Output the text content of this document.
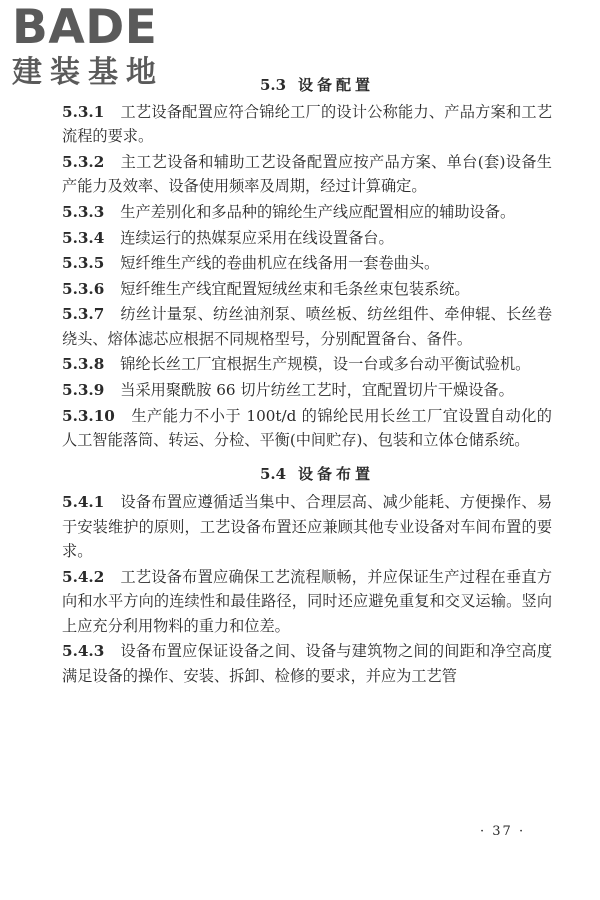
BADE
建装基地	5.3 设备配置

5.3.1 工艺设备配置应符合锦纶工厂的设计公称能力、产品方案和工艺流程的要求。

5.3.2 主工艺设备和辅助工艺设备配置应按产品方案、单台(套)设备生产能力及效率、设备使用频率及周期，经过计算确定。

5.3.3 生产差别化和多品种的锦纶生产线应配置相应的辅助设备。

5.3.4 连续运行的热媒泵应采用在线设置备台。

5.3.5 短纤维生产线的卷曲机应在线备用一套卷曲头。

5.3.6 短纤维生产线宜配置短绒丝束和毛条丝束包装系统。

5.3.7 纺丝计量泵、纺丝油剂泵、喷丝板、纺丝组件、牵伸辊、长丝卷绕头、熔体滤芯应根据不同规格型号，分别配置备台、备件。

5.3.8 锦纶长丝工厂宜根据生产规模，设一台或多台动平衡试验机。

5.3.9 当采用聚酰胺 66 切片纺丝工艺时，宜配置切片干燥设备。

5.3.10 生产能力不小于 100t/d 的锦纶民用长丝工厂宜设置自动化的人工智能落筒、转运、分检、平衡(中间贮存)、包装和立体仓储系统。

5.4 设备布置

5.4.1 设备布置应遵循适当集中、合理层高、减少能耗、方便操作、易于安装维护的原则，工艺设备布置还应兼顾其他专业设备对车间布置的要求。

5.4.2 工艺设备布置应确保工艺流程顺畅，并应保证生产过程在垂直方向和水平方向的连续性和最佳路径，同时还应避免重复和交叉运输。竖向上应充分利用物料的重力和位差。

5.4.3 设备布置应保证设备之间、设备与建筑物之间的间距和净空高度满足设备的操作、安装、拆卸、检修的要求，并应为工艺管

· 37 ·
